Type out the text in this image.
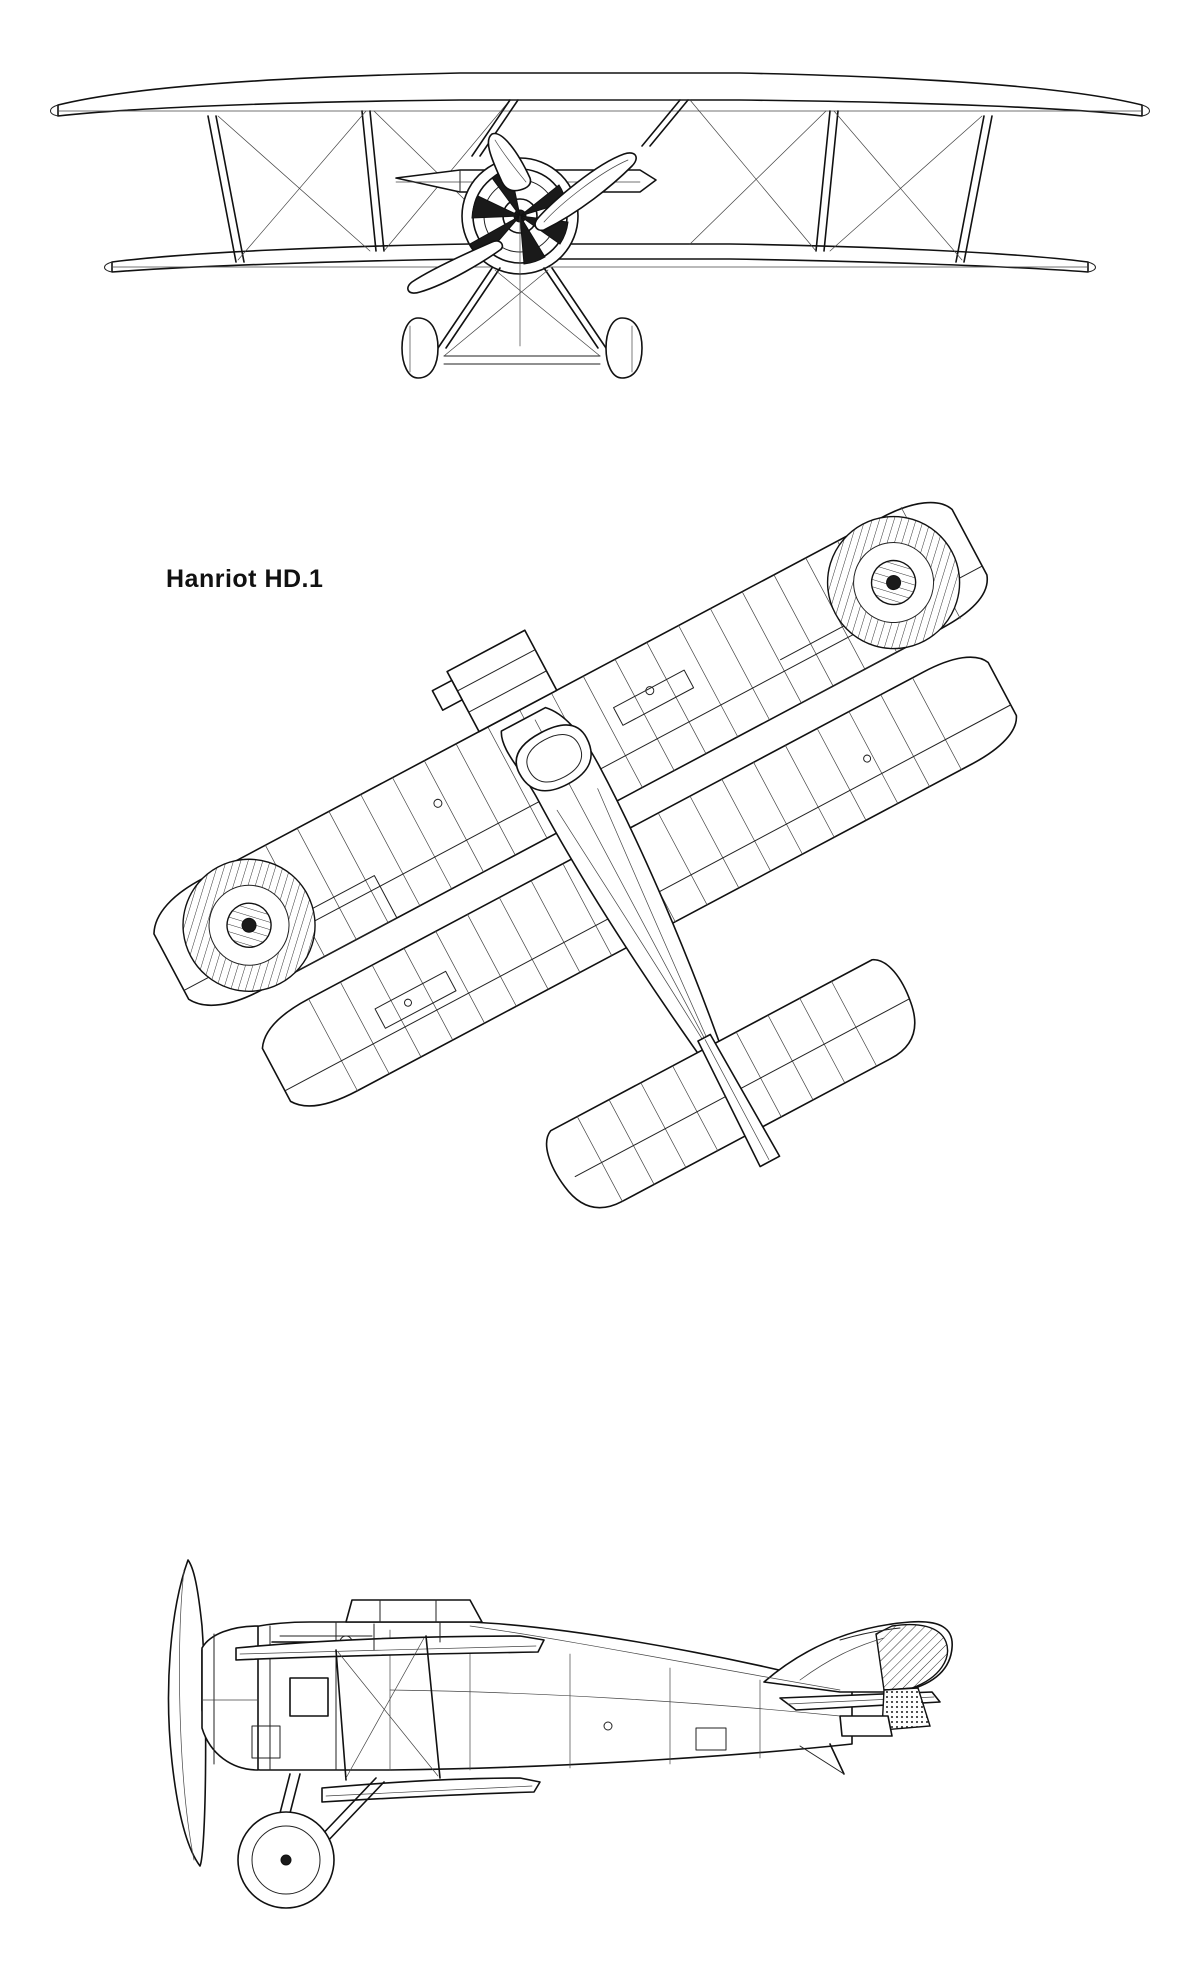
Hanriot HD.1
